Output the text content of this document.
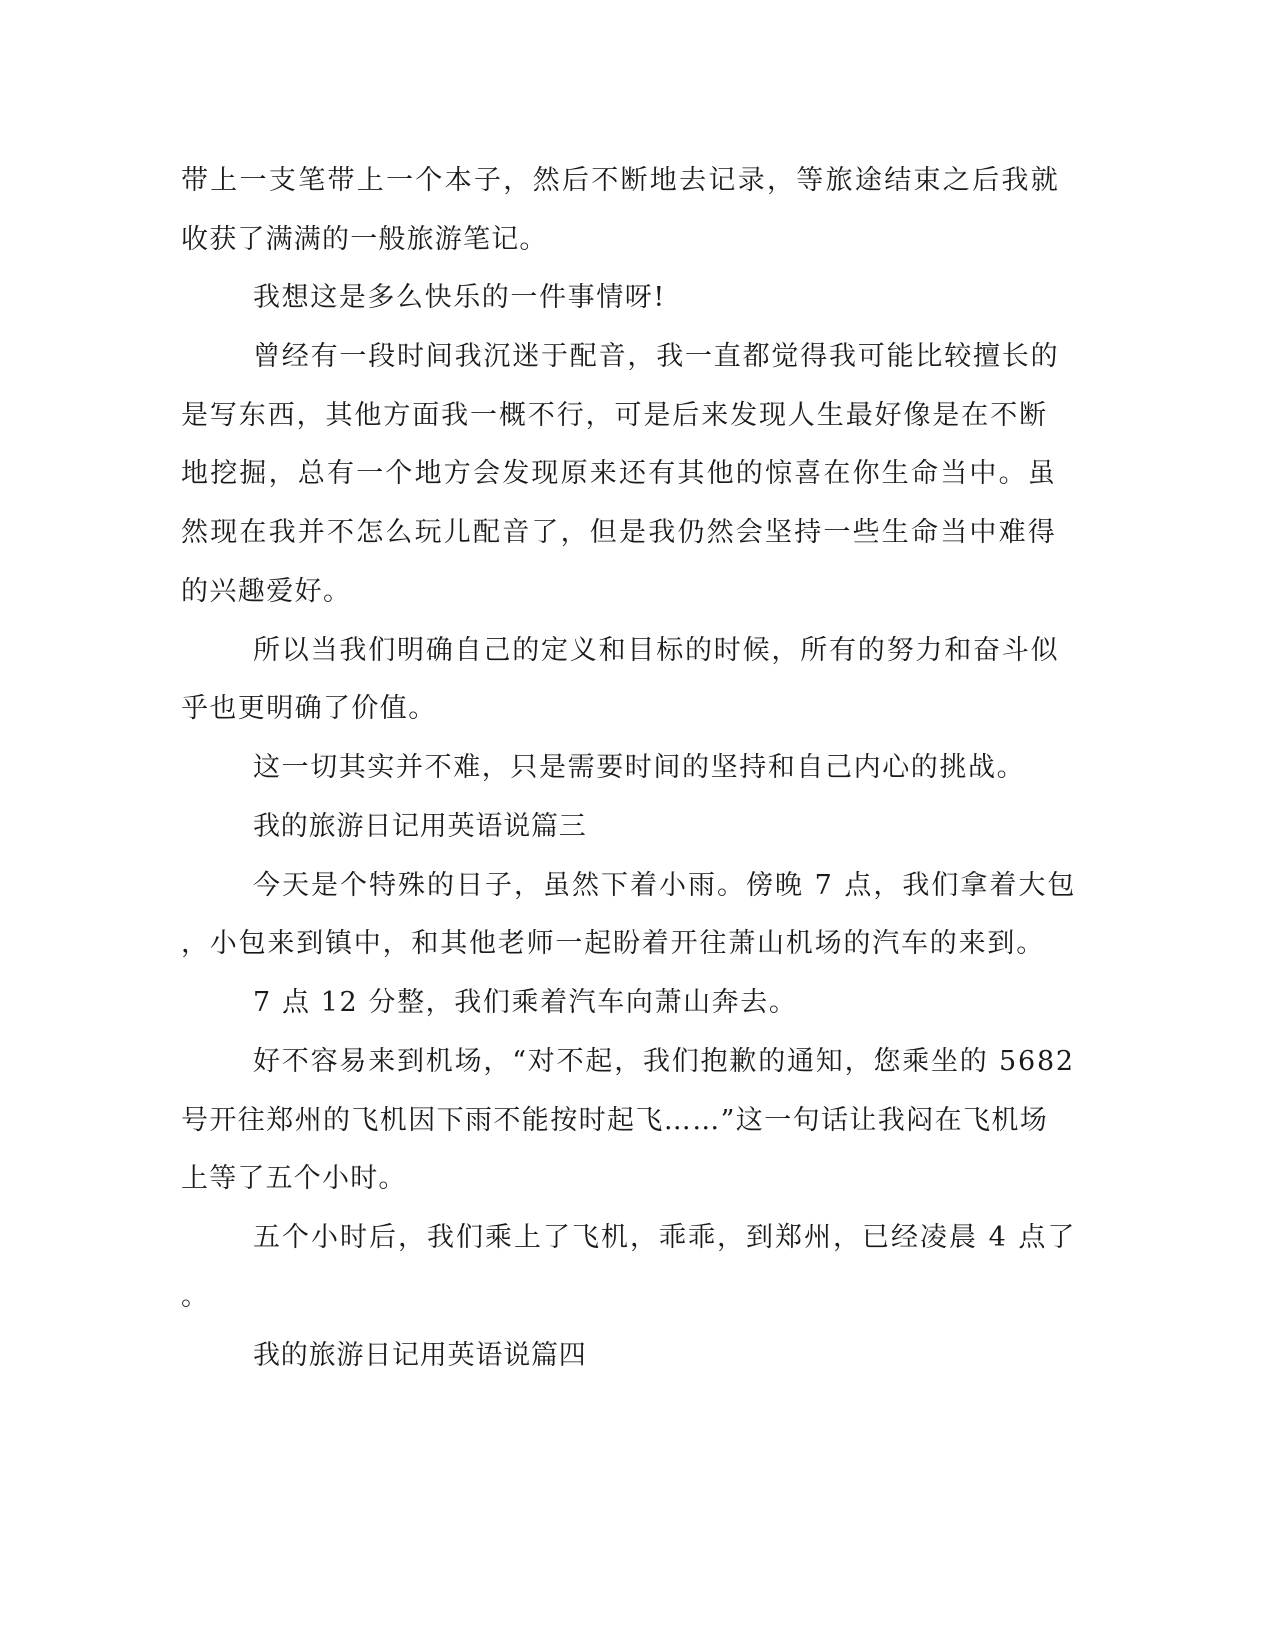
带上一支笔带上一个本子，然后不断地去记录，等旅途结束之后我就
收获了满满的一般旅游笔记。
我想这是多么快乐的一件事情呀!
曾经有一段时间我沉迷于配音，我一直都觉得我可能比较擅长的
是写东西，其他方面我一概不行，可是后来发现人生最好像是在不断
地挖掘，总有一个地方会发现原来还有其他的惊喜在你生命当中。虽
然现在我并不怎么玩儿配音了，但是我仍然会坚持一些生命当中难得
的兴趣爱好。
所以当我们明确自己的定义和目标的时候，所有的努力和奋斗似
乎也更明确了价值。
这一切其实并不难，只是需要时间的坚持和自己内心的挑战。
我的旅游日记用英语说篇三
今天是个特殊的日子，虽然下着小雨。傍晚 7 点，我们拿着大包
，小包来到镇中，和其他老师一起盼着开往萧山机场的汽车的来到。
7 点 12 分整，我们乘着汽车向萧山奔去。
好不容易来到机场，“对不起，我们抱歉的通知，您乘坐的 5682
号开往郑州的飞机因下雨不能按时起飞……”这一句话让我闷在飞机场
上等了五个小时。
五个小时后，我们乘上了飞机，乖乖，到郑州，已经凌晨 4 点了
。
我的旅游日记用英语说篇四
